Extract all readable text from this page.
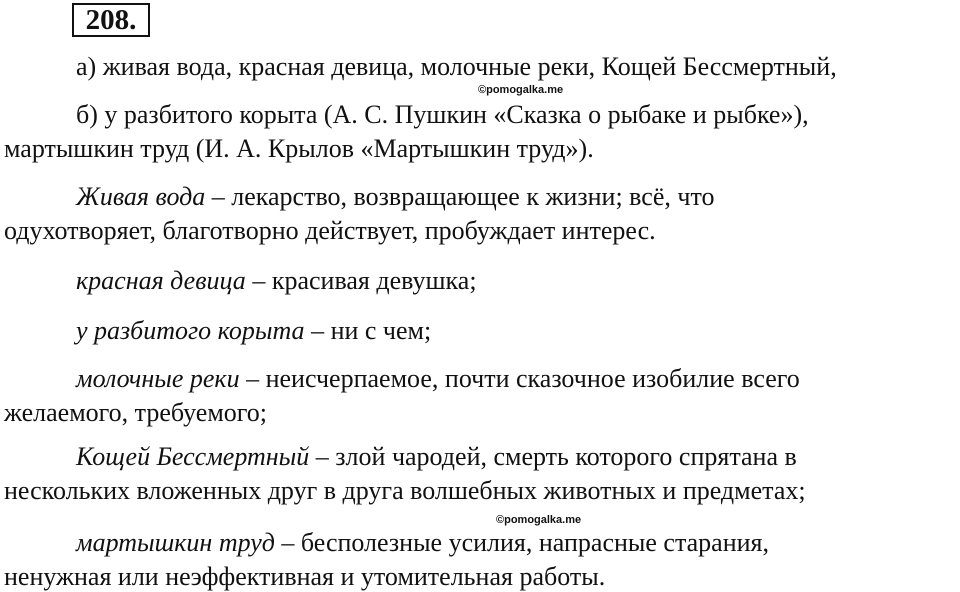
208.

а) живая вода, красная девица, молочные реки, Кощей Бессмертный,

©pomogalka.me

б) у разбитого корыта (А. С. Пушкин «Сказка о рыбаке и рыбке»),
мартышкин труд (И. А. Крылов «Мартышкин труд»).

Живая вода – лекарство, возвращающее к жизни; всё, что
одухотворяет, благотворно действует, пробуждает интерес.

красная девица – красивая девушка;

у разбитого корыта – ни с чем;

молочные реки – неисчерпаемое, почти сказочное изобилие всего
желаемого, требуемого;

Кощей Бессмертный – злой чародей, смерть которого спрятана в
нескольких вложенных друг в друга волшебных животных и предметах;

©pomogalka.me

мартышкин труд – бесполезные усилия, напрасные старания,
ненужная или неэффективная и утомительная работы.
